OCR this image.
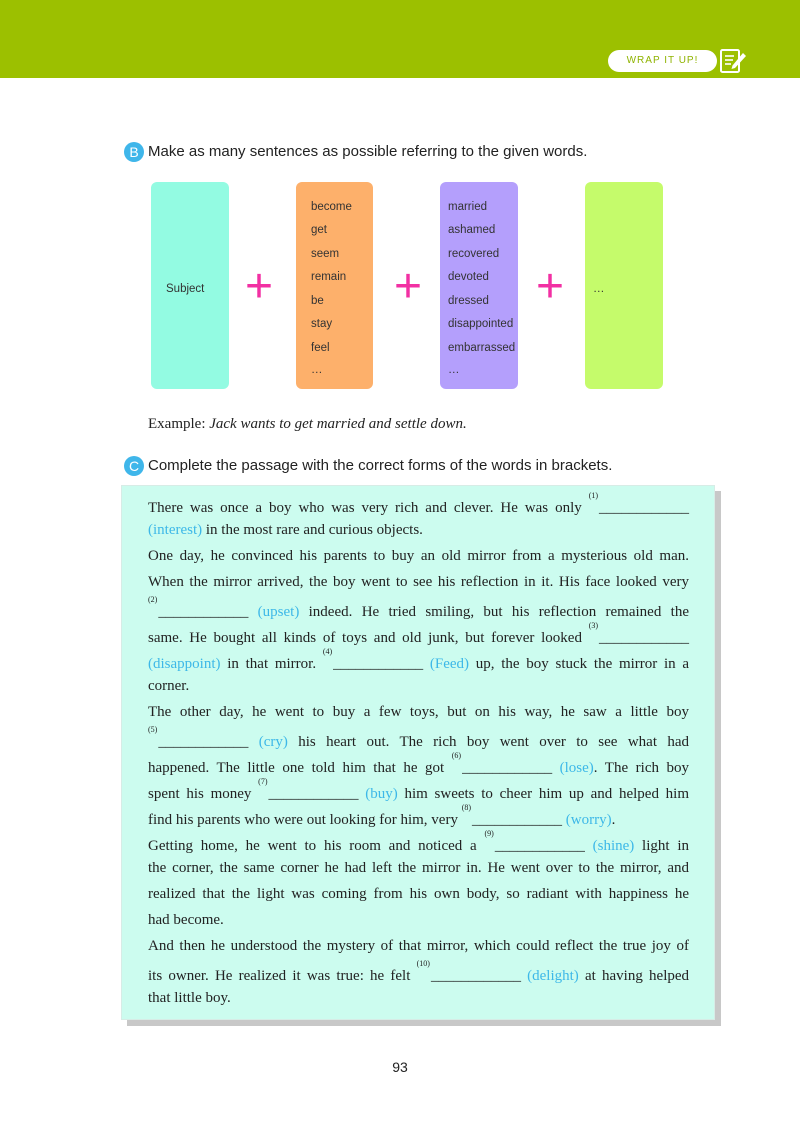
WRAP IT UP!
B Make as many sentences as possible referring to the given words.
Subject +
become
get
seem
remain
be
stay
feel
…
+
married
ashamed
recovered
devoted
dressed
disappointed
embarrassed
…
+	…
Example: Jack wants to get married and settle down.
C Complete the passage with the correct forms of the words in brackets.
There was once a boy who was very rich and clever. He was only $^{(1)}$____________
(interest) in the most rare and curious objects.
One day, he convinced his parents to buy an old mirror from a mysterious old man.
When the mirror arrived, the boy went to see his reflection in it. His face looked very
$^{(2)}$____________ (upset) indeed. He tried smiling, but his reflection remained the
same. He bought all kinds of toys and old junk, but forever looked $^{(3)}$____________
(disappoint) in that mirror. $^{(4)}$____________ (Feed) up, the boy stuck the mirror in a
corner.
The other day, he went to buy a few toys, but on his way, he saw a little boy
$^{(5)}$____________ (cry) his heart out. The rich boy went over to see what had
happened. The little one told him that he got $^{(6)}$____________ (lose). The rich boy
spent his money $^{(7)}$____________ (buy) him sweets to cheer him up and helped him
find his parents who were out looking for him, very $^{(8)}$____________ (worry).
Getting home, he went to his room and noticed a $^{(9)}$____________ (shine) light in
the corner, the same corner he had left the mirror in. He went over to the mirror, and
realized that the light was coming from his own body, so radiant with happiness he
had become.
And then he understood the mystery of that mirror, which could reflect the true joy of
its owner. He realized it was true: he felt $^{(10)}$____________ (delight) at having helped
that little boy.
93
